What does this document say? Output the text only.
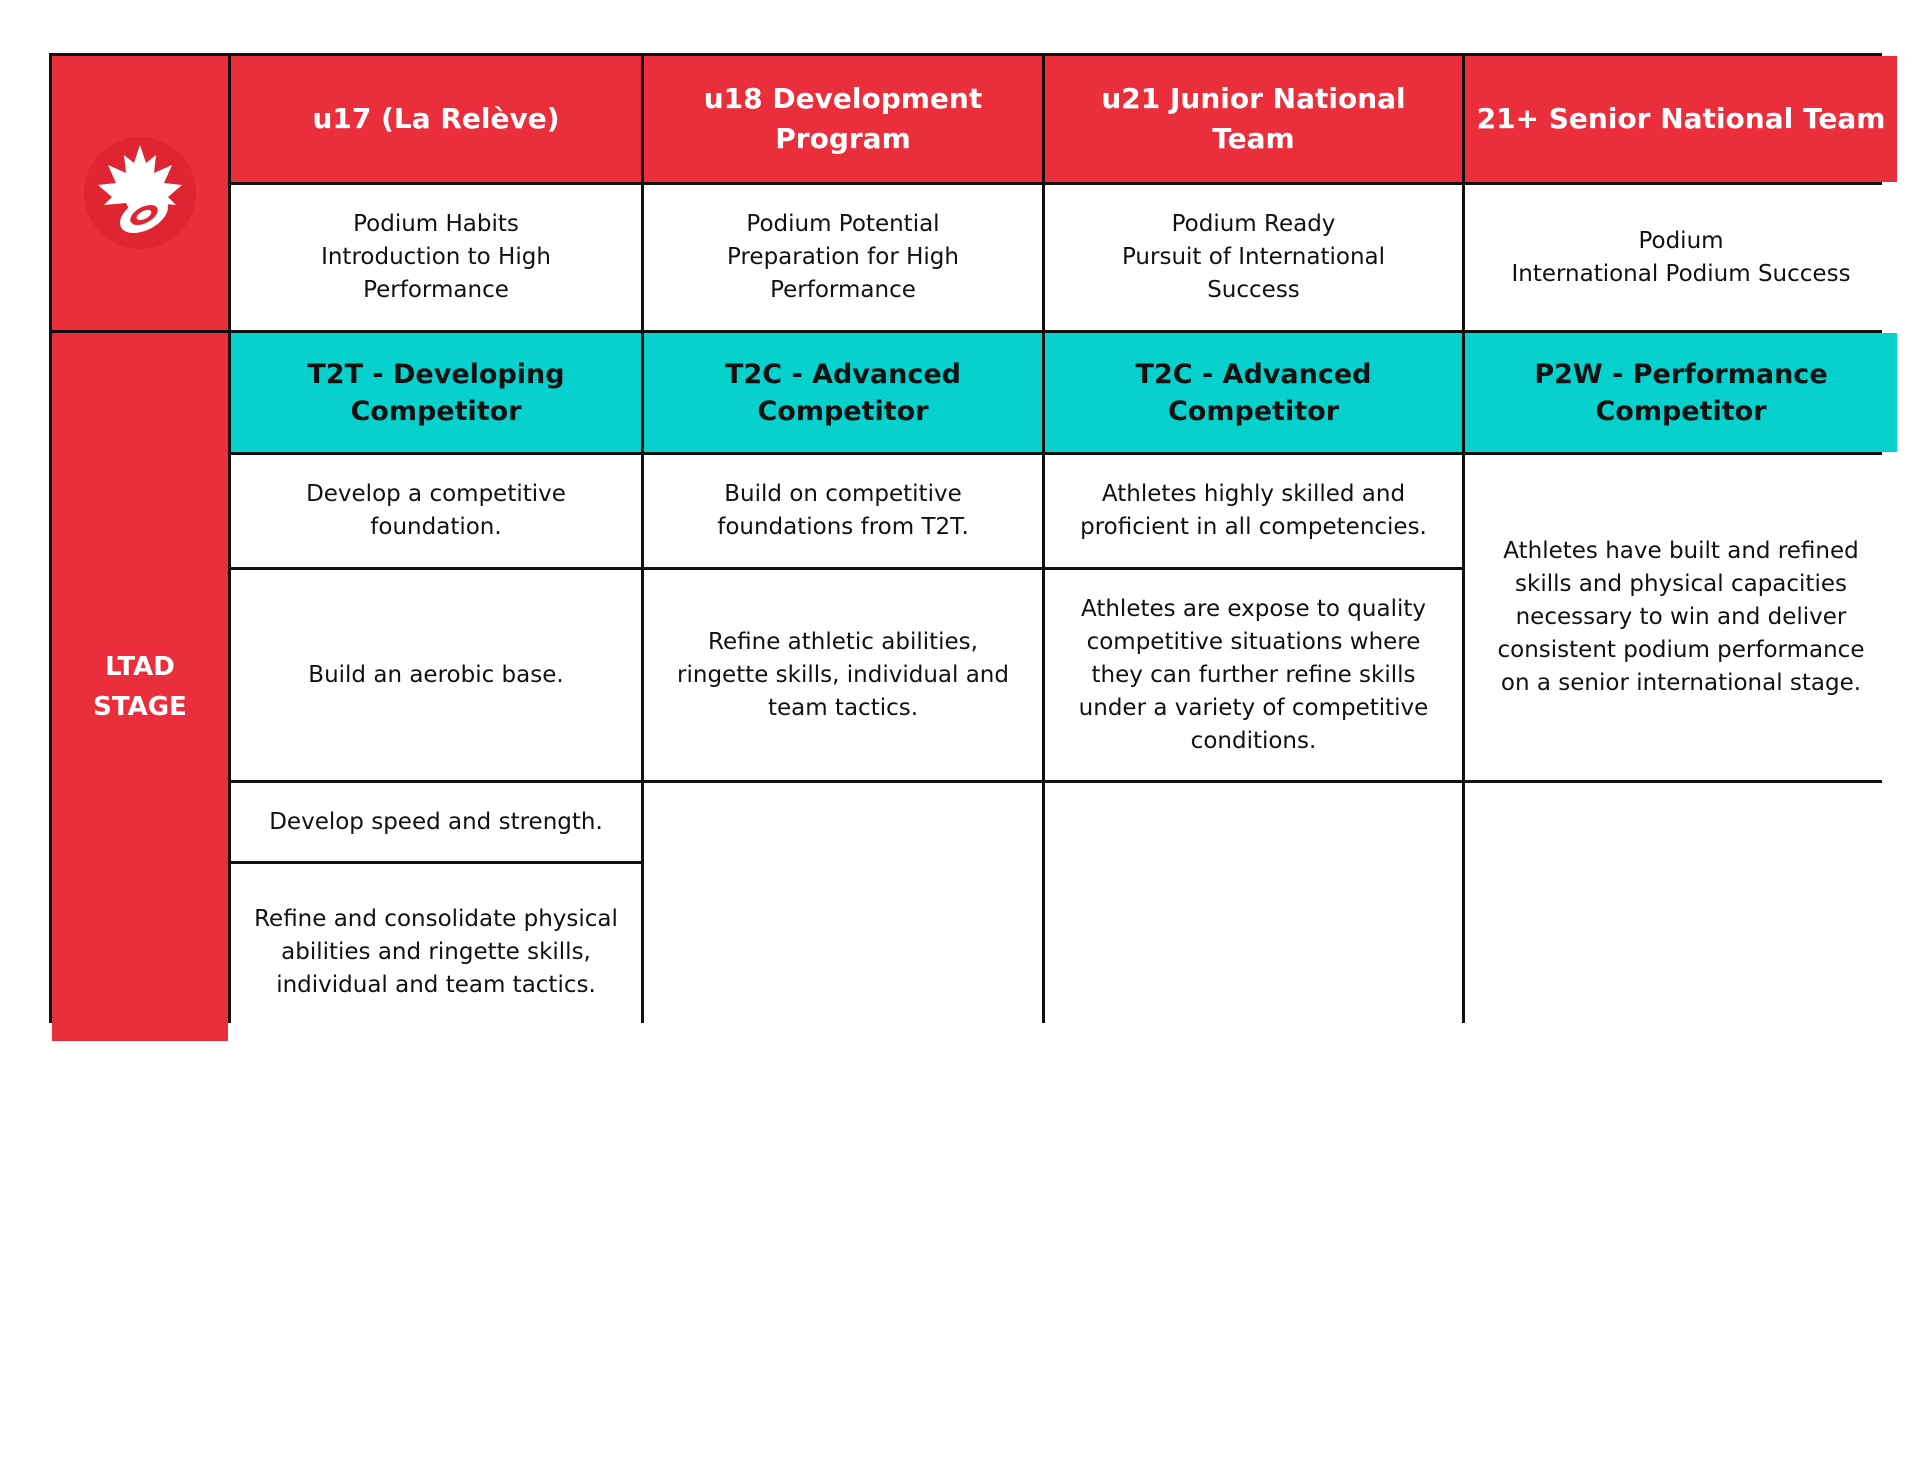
u17 (La Relève)
u18 Development Program
u21 Junior National Team
21+ Senior National Team
Podium Habits
Introduction to High
Performance
Podium Potential
Preparation for High
Performance
Podium Ready
Pursuit of International
Success
Podium
International Podium Success
LTAD
STAGE
T2T - Developing
Competitor
T2C - Advanced
Competitor
T2C - Advanced
Competitor
P2W - Performance
Competitor
Develop a competitive foundation.
Build an aerobic base.
Develop speed and strength.
Refine and consolidate physical abilities and ringette skills, individual and team tactics.
Build on competitive foundations from T2T.
Refine athletic abilities, ringette skills, individual and team tactics.
Athletes highly skilled and proficient in all competencies.
Athletes are expose to quality competitive situations where they can further refine skills under a variety of competitive conditions.
Athletes have built and refined skills and physical capacities necessary to win and deliver consistent podium performance on a senior international stage.
